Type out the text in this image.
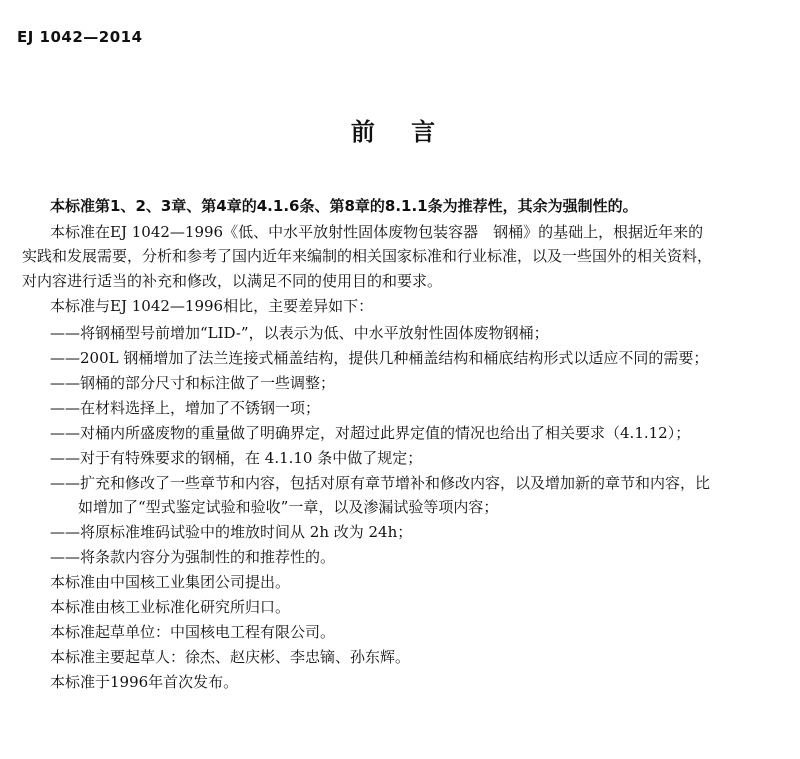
EJ 1042—2014
前 言
本标准第1、2、3章、第4章的4.1.6条、第8章的8.1.1条为推荐性，其余为强制性的。
本标准在EJ 1042—1996《低、中水平放射性固体废物包装容器　钢桶》的基础上，根据近年来的
实践和发展需要，分析和参考了国内近年来编制的相关国家标准和行业标准，以及一些国外的相关资料，
对内容进行适当的补充和修改，以满足不同的使用目的和要求。
本标准与EJ 1042—1996相比，主要差异如下：
——将钢桶型号前增加“LID-”，以表示为低、中水平放射性固体废物钢桶；
——200L 钢桶增加了法兰连接式桶盖结构，提供几种桶盖结构和桶底结构形式以适应不同的需要；
——钢桶的部分尺寸和标注做了一些调整；
——在材料选择上，增加了不锈钢一项；
——对桶内所盛废物的重量做了明确界定，对超过此界定值的情况也给出了相关要求（4.1.12）；
——对于有特殊要求的钢桶，在 4.1.10 条中做了规定；
——扩充和修改了一些章节和内容，包括对原有章节增补和修改内容，以及增加新的章节和内容，比
如增加了“型式鉴定试验和验收”一章，以及渗漏试验等项内容；
——将原标准堆码试验中的堆放时间从 2h 改为 24h；
——将条款内容分为强制性的和推荐性的。
本标准由中国核工业集团公司提出。
本标准由核工业标准化研究所归口。
本标准起草单位：中国核电工程有限公司。
本标准主要起草人：徐杰、赵庆彬、李忠镝、孙东辉。
本标准于1996年首次发布。
